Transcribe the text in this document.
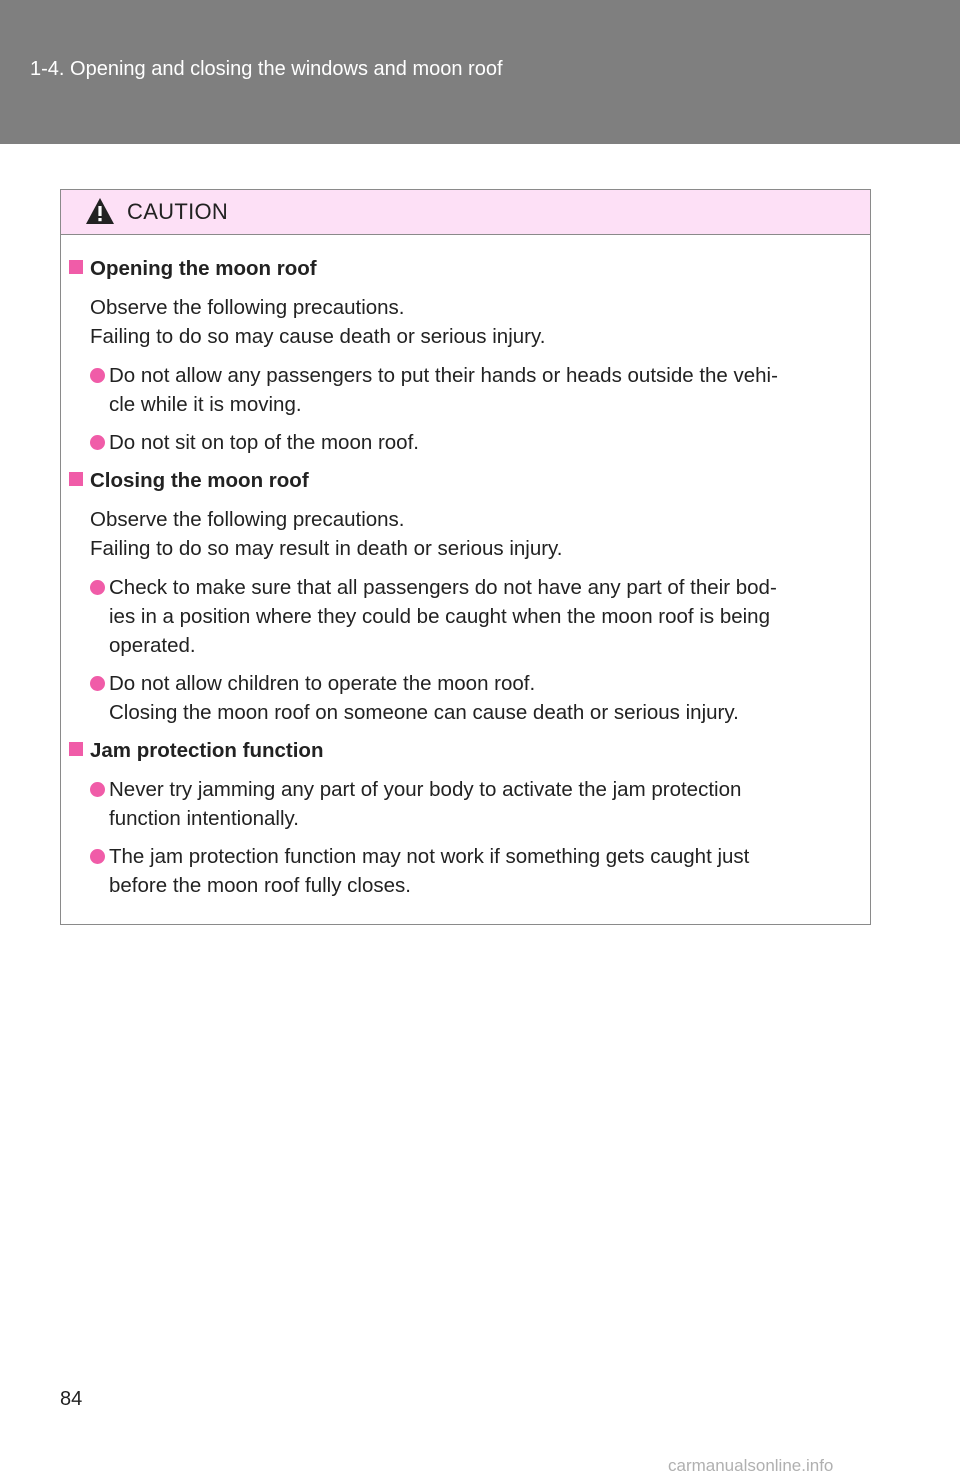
1-4. Opening and closing the windows and moon roof
CAUTION
Opening the moon roof
Observe the following precautions.
Failing to do so may cause death or serious injury.
Do not allow any passengers to put their hands or heads outside the vehi-
cle while it is moving.
Do not sit on top of the moon roof.
Closing the moon roof
Observe the following precautions.
Failing to do so may result in death or serious injury.
Check to make sure that all passengers do not have any part of their bod-
ies in a position where they could be caught when the moon roof is being
operated.
Do not allow children to operate the moon roof.
Closing the moon roof on someone can cause death or serious injury.
Jam protection function
Never try jamming any part of your body to activate the jam protection
function intentionally.
The jam protection function may not work if something gets caught just
before the moon roof fully closes.
84
carmanualsonline.info
